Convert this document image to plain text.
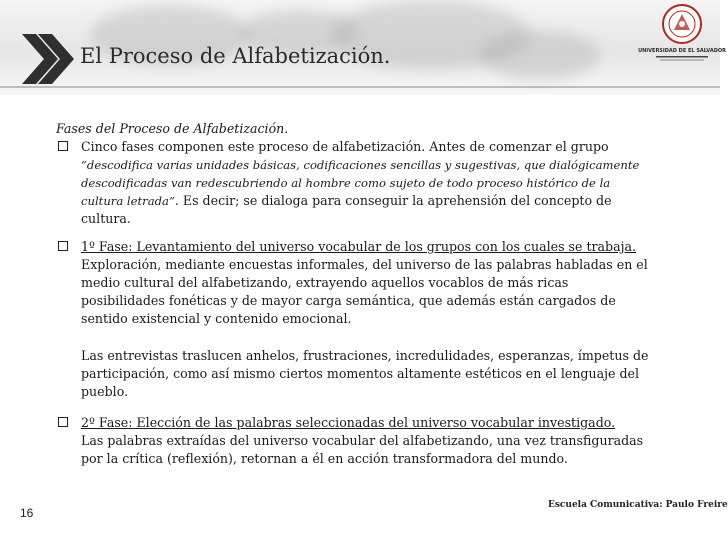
El Proceso de Alfabetización.	UNIVERSIDAD DE EL SALVADOR
Fases del Proceso de Alfabetización.
Cinco fases componen este proceso de alfabetización. Antes de comenzar el grupo “descodifica varias unidades básicas, codificaciones sencillas y sugestivas, que dialógicamente descodificadas van redescubriendo al hombre como sujeto de todo proceso histórico de la cultura letrada”. Es decir; se dialoga para conseguir la aprehensión del concepto de cultura.
1º Fase: Levantamiento del universo vocabular de los grupos con los cuales se trabaja.
Exploración, mediante encuestas informales, del universo de las palabras habladas en el medio cultural del alfabetizando, extrayendo aquellos vocablos de más ricas posibilidades fonéticas y de mayor carga semántica, que además están cargados de sentido existencial y contenido emocional.
Las entrevistas traslucen anhelos, frustraciones, incredulidades, esperanzas, ímpetus de participación, como así mismo ciertos momentos altamente estéticos en el lenguaje del pueblo.
2º Fase: Elección de las palabras seleccionadas del universo vocabular investigado.
Las palabras extraídas del universo vocabular del alfabetizando, una vez transfiguradas por la crítica (reflexión), retornan a él en acción transformadora del mundo.
16
Escuela Comunicativa: Paulo Freire
